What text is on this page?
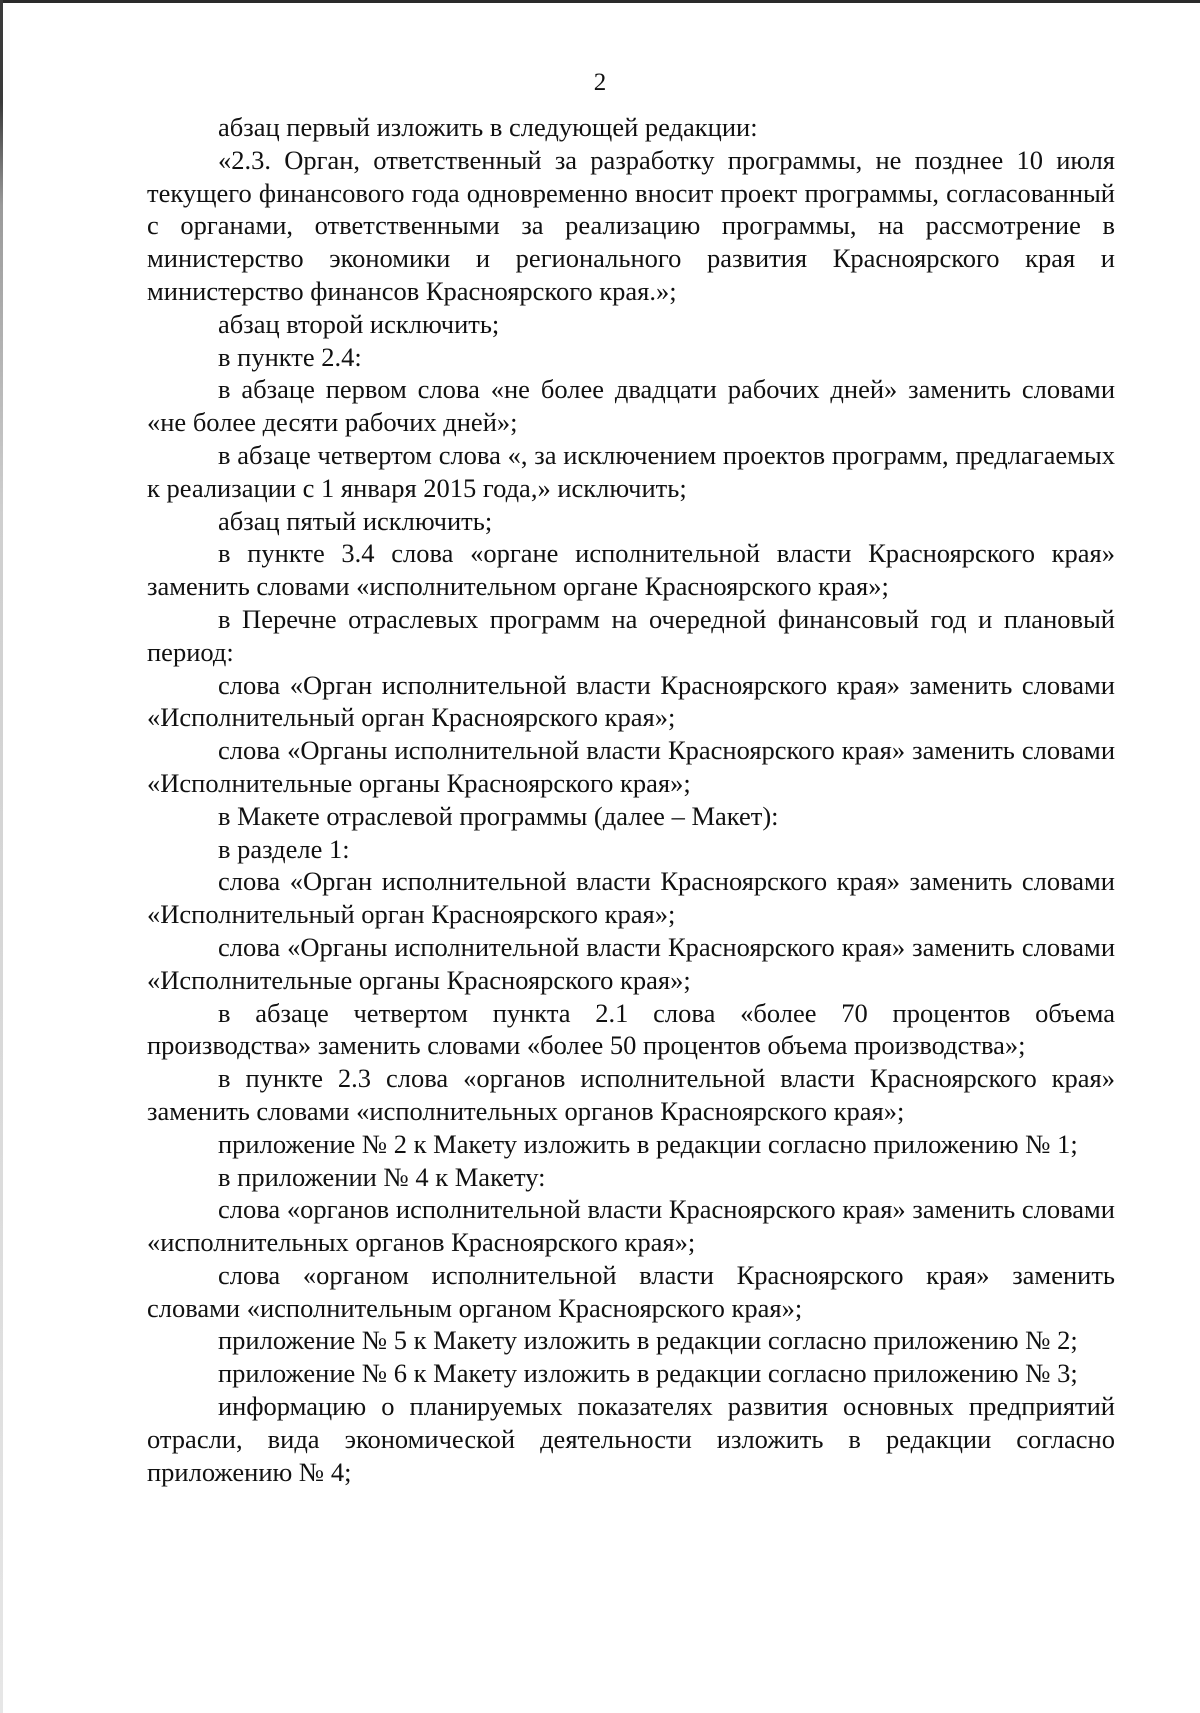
2

абзац первый изложить в следующей редакции:

«2.3. Орган, ответственный за разработку программы, не позднее 10 июля текущего финансового года одновременно вносит проект программы, согласованный с органами, ответственными за реализацию программы, на рассмотрение в министерство экономики и регионального развития Красноярского края и министерство финансов Красноярского края.»;

абзац второй исключить;

в пункте 2.4:

в абзаце первом слова «не более двадцати рабочих дней» заменить словами «не более десяти рабочих дней»;

в абзаце четвертом слова «, за исключением проектов программ, предлагаемых к реализации с 1 января 2015 года,» исключить;

абзац пятый исключить;

в пункте 3.4 слова «органе исполнительной власти Красноярского края» заменить словами «исполнительном органе Красноярского края»;

в Перечне отраслевых программ на очередной финансовый год и плановый период:

слова «Орган исполнительной власти Красноярского края» заменить словами «Исполнительный орган Красноярского края»;

слова «Органы исполнительной власти Красноярского края» заменить словами «Исполнительные органы Красноярского края»;

в Макете отраслевой программы (далее – Макет):

в разделе 1:

слова «Орган исполнительной власти Красноярского края» заменить словами «Исполнительный орган Красноярского края»;

слова «Органы исполнительной власти Красноярского края» заменить словами «Исполнительные органы Красноярского края»;

в абзаце четвертом пункта 2.1 слова «более 70 процентов объема производства» заменить словами «более 50 процентов объема производства»;

в пункте 2.3 слова «органов исполнительной власти Красноярского края» заменить словами «исполнительных органов Красноярского края»;

приложение № 2 к Макету изложить в редакции согласно приложению № 1;

в приложении № 4 к Макету:

слова «органов исполнительной власти Красноярского края» заменить словами «исполнительных органов Красноярского края»;

слова «органом исполнительной власти Красноярского края» заменить словами «исполнительным органом Красноярского края»;

приложение № 5 к Макету изложить в редакции согласно приложению № 2;

приложение № 6 к Макету изложить в редакции согласно приложению № 3;

информацию о планируемых показателях развития основных предприятий отрасли, вида экономической деятельности изложить в редакции согласно приложению № 4;
